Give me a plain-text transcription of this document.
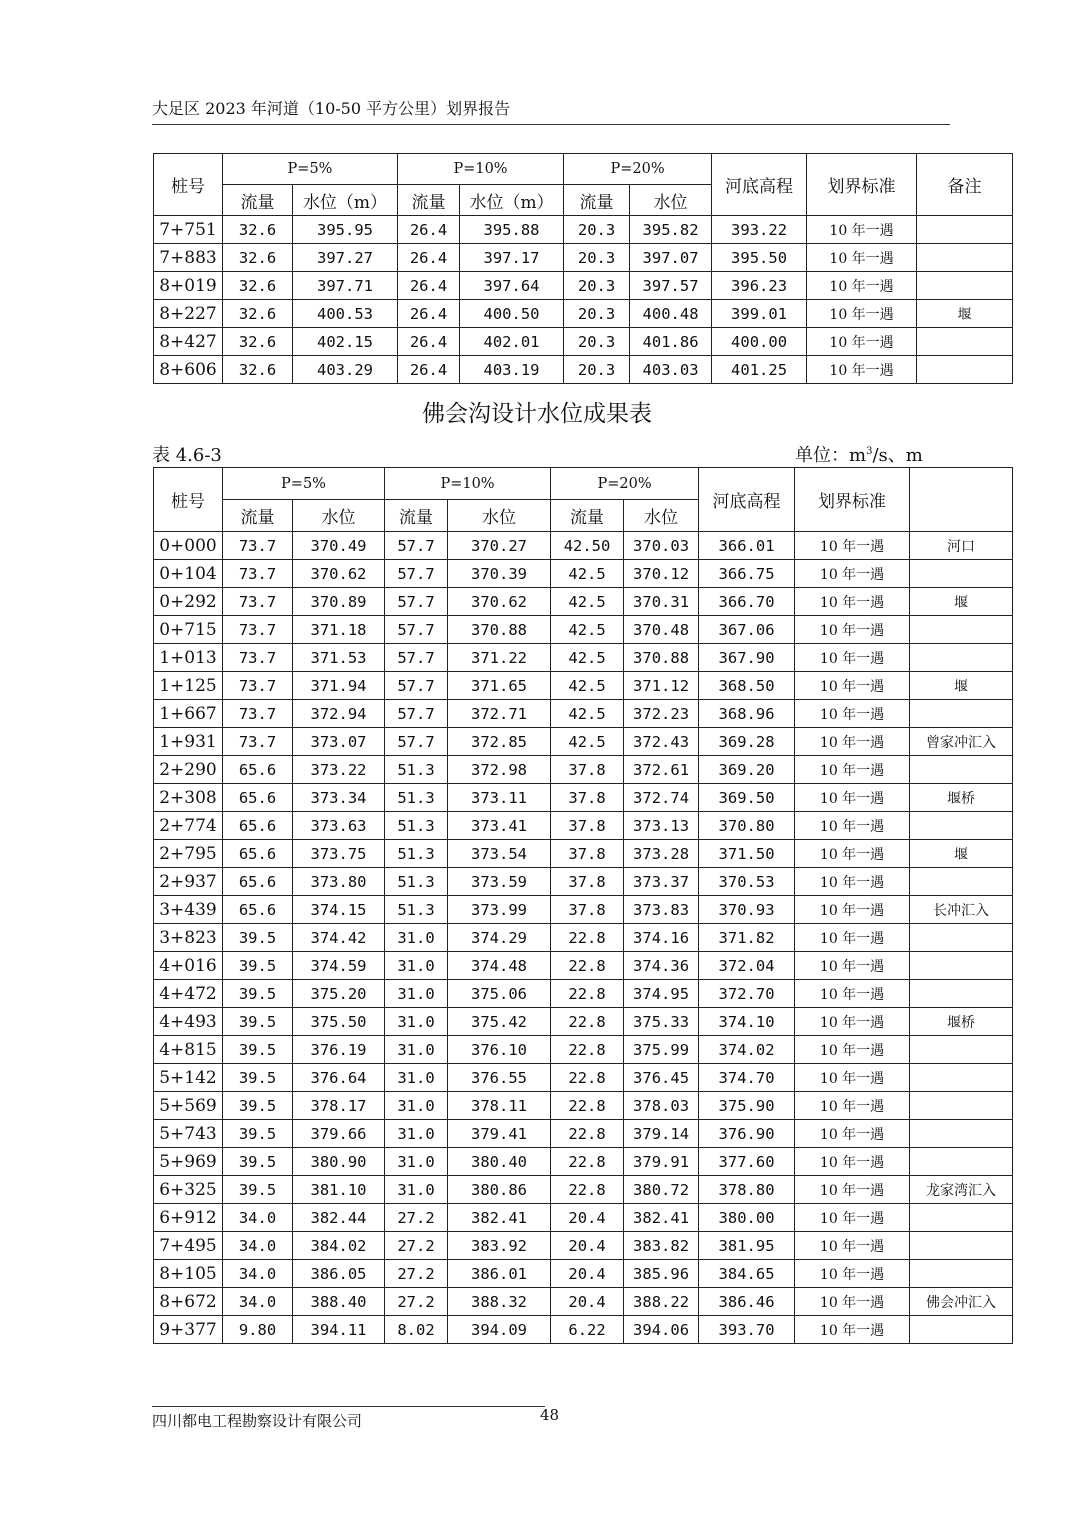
大足区 2023 年河道（10-50 平方公里）划界报告
桩号	P=5%		P=10%		P=20%		河底高程	划界标准	备注
	流量	水位（m）	流量	水位（m）	流量	水位			
7+751	32.6	395.95	26.4	395.88	20.3	395.82	393.22	10 年一遇	
7+883	32.6	397.27	26.4	397.17	20.3	397.07	395.50	10 年一遇	
8+019	32.6	397.71	26.4	397.64	20.3	397.57	396.23	10 年一遇	
8+227	32.6	400.53	26.4	400.50	20.3	400.48	399.01	10 年一遇	堰
8+427	32.6	402.15	26.4	402.01	20.3	401.86	400.00	10 年一遇	
8+606	32.6	403.29	26.4	403.19	20.3	403.03	401.25	10 年一遇	
佛会沟设计水位成果表
表 4.6-3	单位：$m^3/s$、m
桩号	P=5%		P=10%		P=20%		河底高程	划界标准	
	流量	水位	流量	水位	流量	水位			
0+000	73.7	370.49	57.7	370.27	42.50	370.03	366.01	10 年一遇	河口
0+104	73.7	370.62	57.7	370.39	42.5	370.12	366.75	10 年一遇	
0+292	73.7	370.89	57.7	370.62	42.5	370.31	366.70	10 年一遇	堰
0+715	73.7	371.18	57.7	370.88	42.5	370.48	367.06	10 年一遇	
1+013	73.7	371.53	57.7	371.22	42.5	370.88	367.90	10 年一遇	
1+125	73.7	371.94	57.7	371.65	42.5	371.12	368.50	10 年一遇	堰
1+667	73.7	372.94	57.7	372.71	42.5	372.23	368.96	10 年一遇	
1+931	73.7	373.07	57.7	372.85	42.5	372.43	369.28	10 年一遇	曾家冲汇入
2+290	65.6	373.22	51.3	372.98	37.8	372.61	369.20	10 年一遇	
2+308	65.6	373.34	51.3	373.11	37.8	372.74	369.50	10 年一遇	堰桥
2+774	65.6	373.63	51.3	373.41	37.8	373.13	370.80	10 年一遇	
2+795	65.6	373.75	51.3	373.54	37.8	373.28	371.50	10 年一遇	堰
2+937	65.6	373.80	51.3	373.59	37.8	373.37	370.53	10 年一遇	
3+439	65.6	374.15	51.3	373.99	37.8	373.83	370.93	10 年一遇	长冲汇入
3+823	39.5	374.42	31.0	374.29	22.8	374.16	371.82	10 年一遇	
4+016	39.5	374.59	31.0	374.48	22.8	374.36	372.04	10 年一遇	
4+472	39.5	375.20	31.0	375.06	22.8	374.95	372.70	10 年一遇	
4+493	39.5	375.50	31.0	375.42	22.8	375.33	374.10	10 年一遇	堰桥
4+815	39.5	376.19	31.0	376.10	22.8	375.99	374.02	10 年一遇	
5+142	39.5	376.64	31.0	376.55	22.8	376.45	374.70	10 年一遇	
5+569	39.5	378.17	31.0	378.11	22.8	378.03	375.90	10 年一遇	
5+743	39.5	379.66	31.0	379.41	22.8	379.14	376.90	10 年一遇	
5+969	39.5	380.90	31.0	380.40	22.8	379.91	377.60	10 年一遇	
6+325	39.5	381.10	31.0	380.86	22.8	380.72	378.80	10 年一遇	龙家湾汇入
6+912	34.0	382.44	27.2	382.41	20.4	382.41	380.00	10 年一遇	
7+495	34.0	384.02	27.2	383.92	20.4	383.82	381.95	10 年一遇	
8+105	34.0	386.05	27.2	386.01	20.4	385.96	384.65	10 年一遇	
8+672	34.0	388.40	27.2	388.32	20.4	388.22	386.46	10 年一遇	佛会冲汇入
9+377	9.80	394.11	8.02	394.09	6.22	394.06	393.70	10 年一遇	
四川都电工程勘察设计有限公司	48
